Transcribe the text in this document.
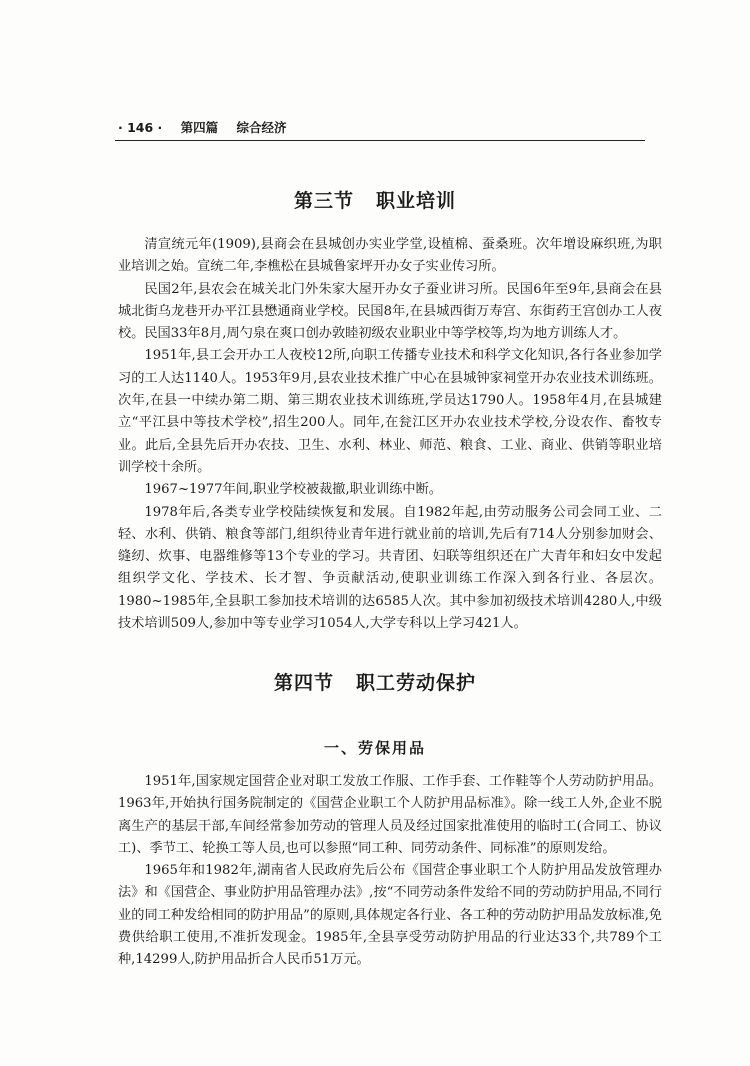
· 146 · 第四篇 综合经济
第三节 职业培训

清宣统元年(1909),县商会在县城创办实业学堂,设植棉、蚕桑班。次年增设麻织班,为职业培训之始。宣统二年,李樵松在县城鲁家坪开办女子实业传习所。

民国2年,县农会在城关北门外朱家大屋开办女子蚕业讲习所。民国6年至9年,县商会在县城北街乌龙巷开办平江县懋通商业学校。民国8年,在县城西街万寿宫、东街药王宫创办工人夜校。民国33年8月,周勺泉在爽口创办敦睦初级农业职业中等学校等,均为地方训练人才。

1951年,县工会开办工人夜校12所,向职工传播专业技术和科学文化知识,各行各业参加学习的工人达1140人。1953年9月,县农业技术推广中心在县城钟家祠堂开办农业技术训练班。次年,在县一中续办第二期、第三期农业技术训练班,学员达1790人。1958年4月,在县城建立“平江县中等技术学校”,招生200人。同年,在瓮江区开办农业技术学校,分设农作、畜牧专业。此后,全县先后开办农技、卫生、水利、林业、师范、粮食、工业、商业、供销等职业培训学校十余所。

1967~1977年间,职业学校被裁撤,职业训练中断。

1978年后,各类专业学校陆续恢复和发展。自1982年起,由劳动服务公司会同工业、二轻、水利、供销、粮食等部门,组织待业青年进行就业前的培训,先后有714人分别参加财会、缝纫、炊事、电器维修等13个专业的学习。共青团、妇联等组织还在广大青年和妇女中发起组织学文化、学技术、长才智、争贡献活动,使职业训练工作深入到各行业、各层次。1980~1985年,全县职工参加技术培训的达6585人次。其中参加初级技术培训4280人,中级技术培训509人,参加中等专业学习1054人,大学专科以上学习421人。

第四节 职工劳动保护
一、劳保用品

1951年,国家规定国营企业对职工发放工作服、工作手套、工作鞋等个人劳动防护用品。1963年,开始执行国务院制定的《国营企业职工个人防护用品标准》。除一线工人外,企业不脱离生产的基层干部,车间经常参加劳动的管理人员及经过国家批准使用的临时工(合同工、协议工)、季节工、轮换工等人员,也可以参照“同工种、同劳动条件、同标准”的原则发给。

1965年和1982年,湖南省人民政府先后公布《国营企事业职工个人防护用品发放管理办法》和《国营企、事业防护用品管理办法》,按“不同劳动条件发给不同的劳动防护用品,不同行业的同工种发给相同的防护用品”的原则,具体规定各行业、各工种的劳动防护用品发放标准,免费供给职工使用,不准折发现金。1985年,全县享受劳动防护用品的行业达33个,共789个工种,14299人,防护用品折合人民币51万元。
